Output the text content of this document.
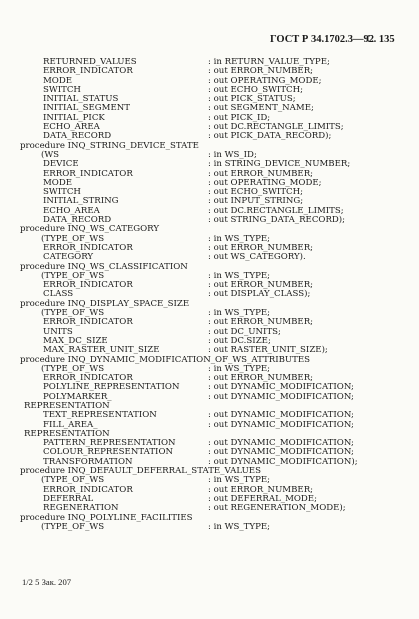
ГОСТ Р 34.1702.3—92
С. 135
RETURNED_VALUES	: in RETURN_VALUE_TYPE;
ERROR_INDICATOR	: out ERROR_NUMBER;
MODE	: out OPERATING_MODE;
SWITCH	: out ECHO_SWITCH;
INITIAL_STATUS	: out PICK_STATUS;
INITIAL_SEGMENT	: out SEGMENT_NAME;
INITIAL_PICK	: out PICK_ID;
ECHO_AREA	: out DC.RECTANGLE_LIMITS;
DATA_RECORD	: out PICK_DATA_RECORD);
procedure INQ_STRING_DEVICE_STATE
(WS	: in WS_ID;
DEVICE	: in STRING_DEVICE_NUMBER;
ERROR_INDICATOR	: out ERROR_NUMBER;
MODE	: out OPERATING_MODE;
SWITCH	: out ECHO_SWITCH;
INITIAL_STRING	: out INPUT_STRING;
ECHO_AREA	: out DC.RECTANGLE_LIMITS;
DATA_RECORD	: out STRING_DATA_RECORD);
procedure INQ_WS_CATEGORY
(TYPE_OF_WS	: in WS_TYPE;
ERROR_INDICATOR	: out ERROR_NUMBER;
CATEGORY	: out WS_CATEGORY).
procedure INQ_WS_CLASSIFICATION
(TYPE_OF_WS	: in WS_TYPE;
ERROR_INDICATOR	: out ERROR_NUMBER;
CLASS	: out DISPLAY_CLASS);
procedure INQ_DISPLAY_SPACE_SIZE
(TYPE_OF_WS	: in WS_TYPE;
ERROR_INDICATOR	: out ERROR_NUMBER;
UNITS	: out DC_UNITS;
MAX_DC_SIZE	: out DC.SIZE;
MAX_RASTER_UNIT_SIZE	: out RASTER_UNIT_SIZE);
procedure INQ_DYNAMIC_MODIFICATION_OF_WS_ATTRIBUTES
(TYPE_OF_WS	: in WS_TYPE;
ERROR_INDICATOR	: out ERROR_NUMBER;
POLYLINE_REPRESENTATION	: out DYNAMIC_MODIFICATION;
POLYMARKER_	: out DYNAMIC_MODIFICATION;
REPRESENTATION
TEXT_REPRESENTATION	: out DYNAMIC_MODIFICATION;
FILL_AREA_	: out DYNAMIC_MODIFICATION;
REPRESENTATION
PATTERN_REPRESENTATION	: out DYNAMIC_MODIFICATION;
COLOUR_REPRESENTATION	: out DYNAMIC_MODIFICATION;
TRANSFORMATION	: out DYNAMIC_MODIFICATION);
procedure INQ_DEFAULT_DEFERRAL_STATE_VALUES
(TYPE_OF_WS	: in WS_TYPE;
ERROR_INDICATOR	: out ERROR_NUMBER;
DEFERRAL	: out DEFERRAL_MODE;
REGENERATION	: out REGENERATION_MODE);
procedure INQ_POLYLINE_FACILITIES
(TYPE_OF_WS	: in WS_TYPE;
1/2 5 Зак. 207
